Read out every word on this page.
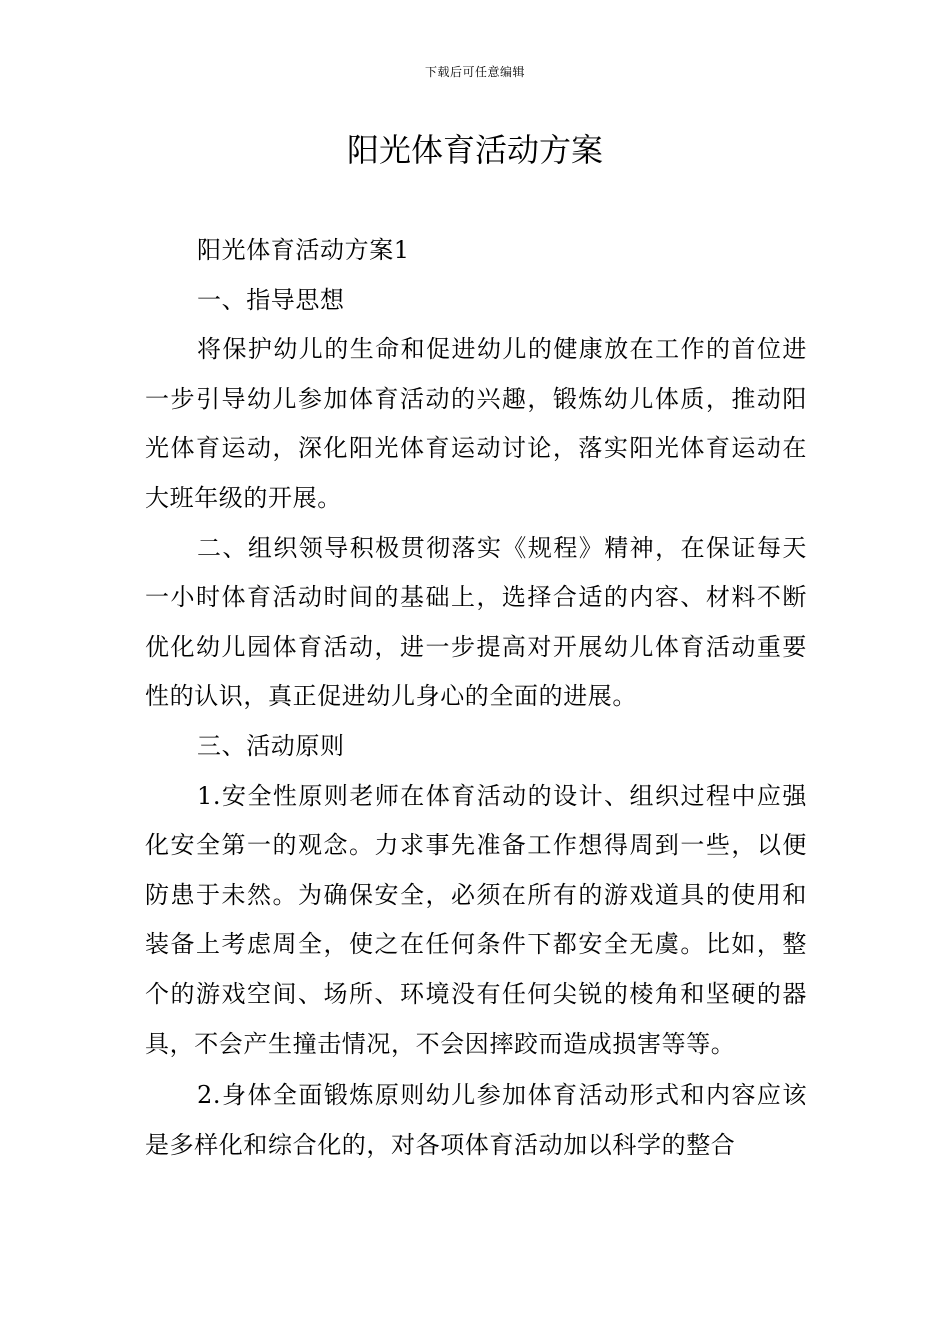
下载后可任意编辑
阳光体育活动方案

阳光体育活动方案1

一、指导思想

将保护幼儿的生命和促进幼儿的健康放在工作的首位进一步引导幼儿参加体育活动的兴趣，锻炼幼儿体质，推动阳光体育运动，深化阳光体育运动讨论，落实阳光体育运动在大班年级的开展。

二、组织领导积极贯彻落实《规程》精神，在保证每天一小时体育活动时间的基础上，选择合适的内容、材料不断优化幼儿园体育活动，进一步提高对开展幼儿体育活动重要性的认识，真正促进幼儿身心的全面的进展。

三、活动原则

1.安全性原则老师在体育活动的设计、组织过程中应强化安全第一的观念。力求事先准备工作想得周到一些，以便防患于未然。为确保安全，必须在所有的游戏道具的使用和装备上考虑周全，使之在任何条件下都安全无虞。比如，整个的游戏空间、场所、环境没有任何尖锐的棱角和坚硬的器具，不会产生撞击情况，不会因摔跤而造成损害等等。

2.身体全面锻炼原则幼儿参加体育活动形式和内容应该是多样化和综合化的，对各项体育活动加以科学的整合
